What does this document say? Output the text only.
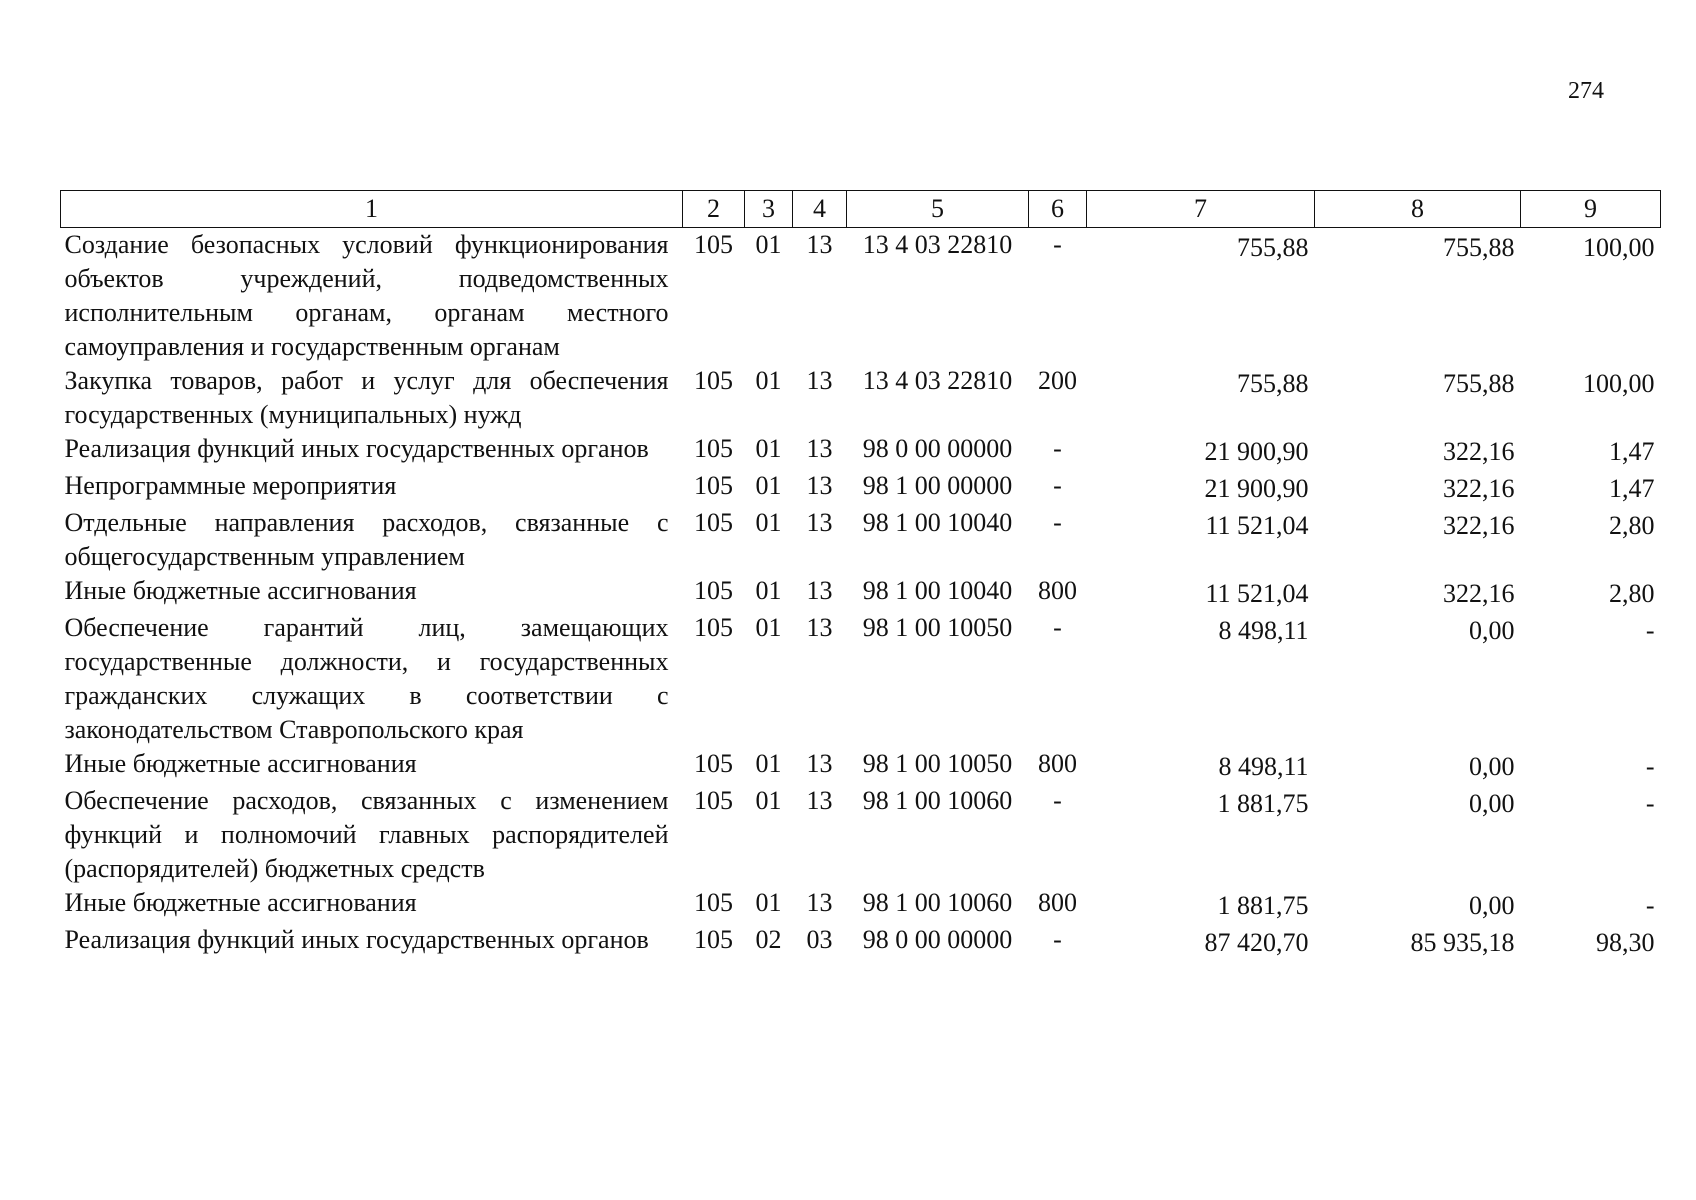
274
1	2	3	4	5	6	7	8	9
Создание безопасных условий функционирования объектов учреждений, подведомственных исполнительным органам, органам местного самоуправления и государственным органам	105	01	13	13 4 03 22810	-	755,88	755,88	100,00
Закупка товаров, работ и услуг для обеспечения государственных (муниципальных) нужд	105	01	13	13 4 03 22810	200	755,88	755,88	100,00
Реализация функций иных государственных органов	105	01	13	98 0 00 00000	-	21 900,90	322,16	1,47
Непрограммные мероприятия	105	01	13	98 1 00 00000	-	21 900,90	322,16	1,47
Отдельные направления расходов, связанные с общегосударственным управлением	105	01	13	98 1 00 10040	-	11 521,04	322,16	2,80
Иные бюджетные ассигнования	105	01	13	98 1 00 10040	800	11 521,04	322,16	2,80
Обеспечение гарантий лиц, замещающих государственные должности, и государственных гражданских служащих в соответствии с законодательством Ставропольского края	105	01	13	98 1 00 10050	-	8 498,11	0,00	-
Иные бюджетные ассигнования	105	01	13	98 1 00 10050	800	8 498,11	0,00	-
Обеспечение расходов, связанных с изменением функций и полномочий главных распорядителей (распорядителей) бюджетных средств	105	01	13	98 1 00 10060	-	1 881,75	0,00	-
Иные бюджетные ассигнования	105	01	13	98 1 00 10060	800	1 881,75	0,00	-
Реализация функций иных государственных органов	105	02	03	98 0 00 00000	-	87 420,70	85 935,18	98,30
